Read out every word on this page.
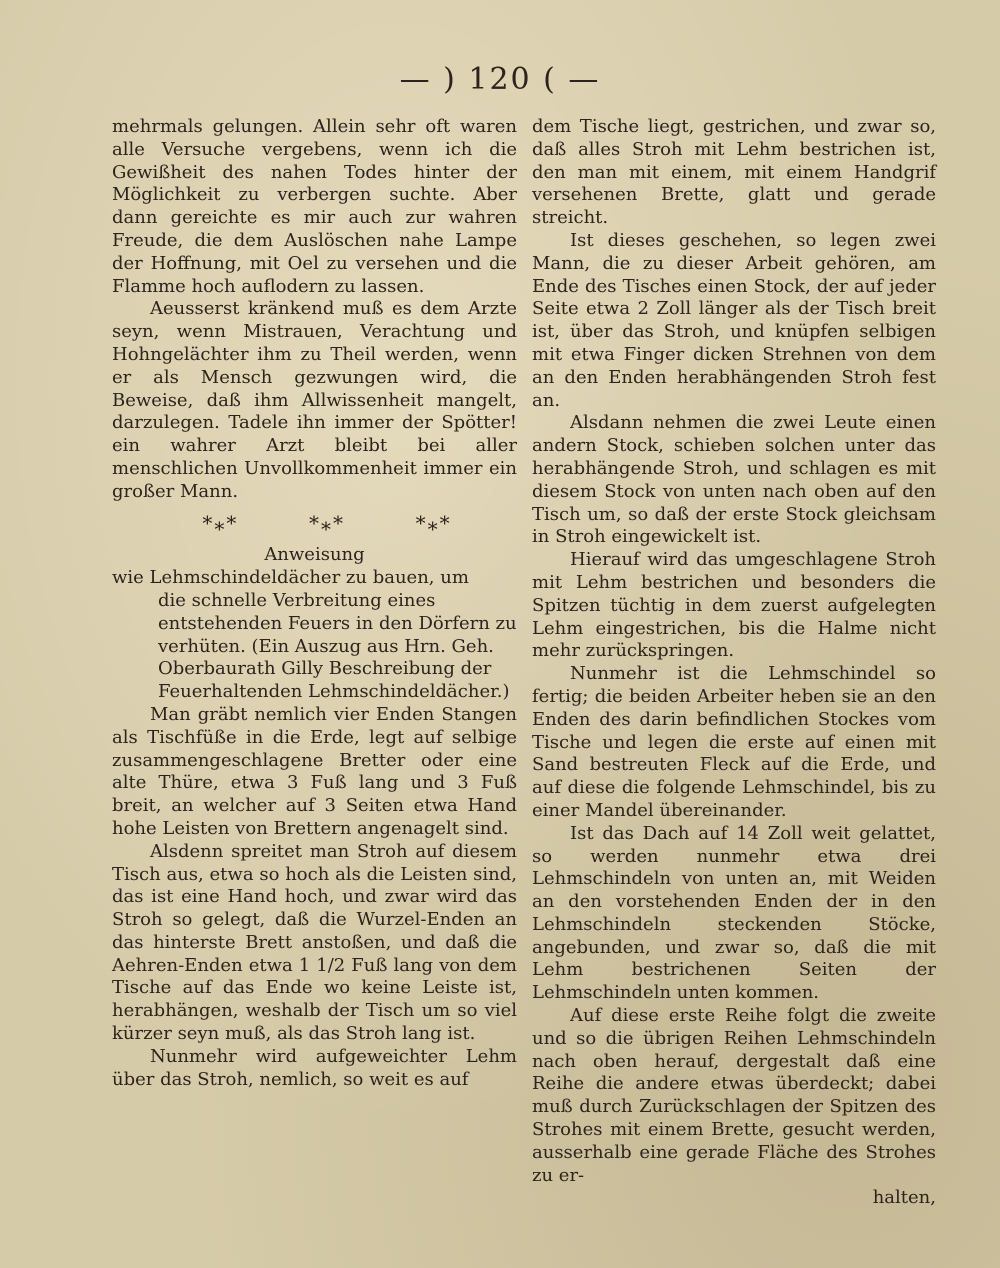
— ) 120 ( —

mehrmals gelungen. Allein sehr oft waren alle Versuche vergebens, wenn ich die Gewißheit des nahen Todes hinter der Möglichkeit zu verbergen suchte. Aber dann gereichte es mir auch zur wahren Freude, die dem Auslöschen nahe Lampe der Hoffnung, mit Oel zu versehen und die Flamme hoch auflodern zu lassen.

Aeusserst kränkend muß es dem Arzte seyn, wenn Mistrauen, Verachtung und Hohngelächter ihm zu Theil werden, wenn er als Mensch gezwungen wird, die Beweise, daß ihm Allwissenheit mangelt, darzulegen. Tadele ihn immer der Spötter! ein wahrer Arzt bleibt bei aller menschlichen Unvollkommenheit immer ein großer Mann.

*⁎*	*⁎*	*⁎*

Anweisung

wie Lehmschindeldächer zu bauen, um

die schnelle Verbreitung eines entstehenden Feuers in den Dörfern zu verhüten. (Ein Auszug aus Hrn. Geh. Oberbaurath Gilly Beschreibung der Feuerhaltenden Lehmschindeldächer.)

Man gräbt nemlich vier Enden Stangen als Tischfüße in die Erde, legt auf selbige zusammengeschlagene Bretter oder eine alte Thüre, etwa 3 Fuß lang und 3 Fuß breit, an welcher auf 3 Seiten etwa Hand hohe Leisten von Brettern angenagelt sind.

Alsdenn spreitet man Stroh auf diesem Tisch aus, etwa so hoch als die Leisten sind, das ist eine Hand hoch, und zwar wird das Stroh so gelegt, daß die Wurzel-Enden an das hinterste Brett anstoßen, und daß die Aehren-Enden etwa 1 1/2 Fuß lang von dem Tische auf das Ende wo keine Leiste ist, herabhängen, weshalb der Tisch um so viel kürzer seyn muß, als das Stroh lang ist.

Nunmehr wird aufgeweichter Lehm über das Stroh, nemlich, so weit es auf

dem Tische liegt, gestrichen, und zwar so, daß alles Stroh mit Lehm bestrichen ist, den man mit einem, mit einem Handgrif versehenen Brette, glatt und gerade streicht.

Ist dieses geschehen, so legen zwei Mann, die zu dieser Arbeit gehören, am Ende des Tisches einen Stock, der auf jeder Seite etwa 2 Zoll länger als der Tisch breit ist, über das Stroh, und knüpfen selbigen mit etwa Finger dicken Strehnen von dem an den Enden herabhängenden Stroh fest an.

Alsdann nehmen die zwei Leute einen andern Stock, schieben solchen unter das herabhängende Stroh, und schlagen es mit diesem Stock von unten nach oben auf den Tisch um, so daß der erste Stock gleichsam in Stroh eingewickelt ist.

Hierauf wird das umgeschlagene Stroh mit Lehm bestrichen und besonders die Spitzen tüchtig in dem zuerst aufgelegten Lehm eingestrichen, bis die Halme nicht mehr zurückspringen.

Nunmehr ist die Lehmschindel so fertig; die beiden Arbeiter heben sie an den Enden des darin befindlichen Stockes vom Tische und legen die erste auf einen mit Sand bestreuten Fleck auf die Erde, und auf diese die folgende Lehmschindel, bis zu einer Mandel übereinander.

Ist das Dach auf 14 Zoll weit gelattet, so werden nunmehr etwa drei Lehmschindeln von unten an, mit Weiden an den vorstehenden Enden der in den Lehmschindeln steckenden Stöcke, angebunden, und zwar so, daß die mit Lehm bestrichenen Seiten der Lehmschindeln unten kommen.

Auf diese erste Reihe folgt die zweite und so die übrigen Reihen Lehmschindeln nach oben herauf, dergestalt daß eine Reihe die andere etwas überdeckt; dabei muß durch Zurückschlagen der Spitzen des Strohes mit einem Brette, gesucht werden, ausserhalb eine gerade Fläche des Strohes zu er-

halten,
